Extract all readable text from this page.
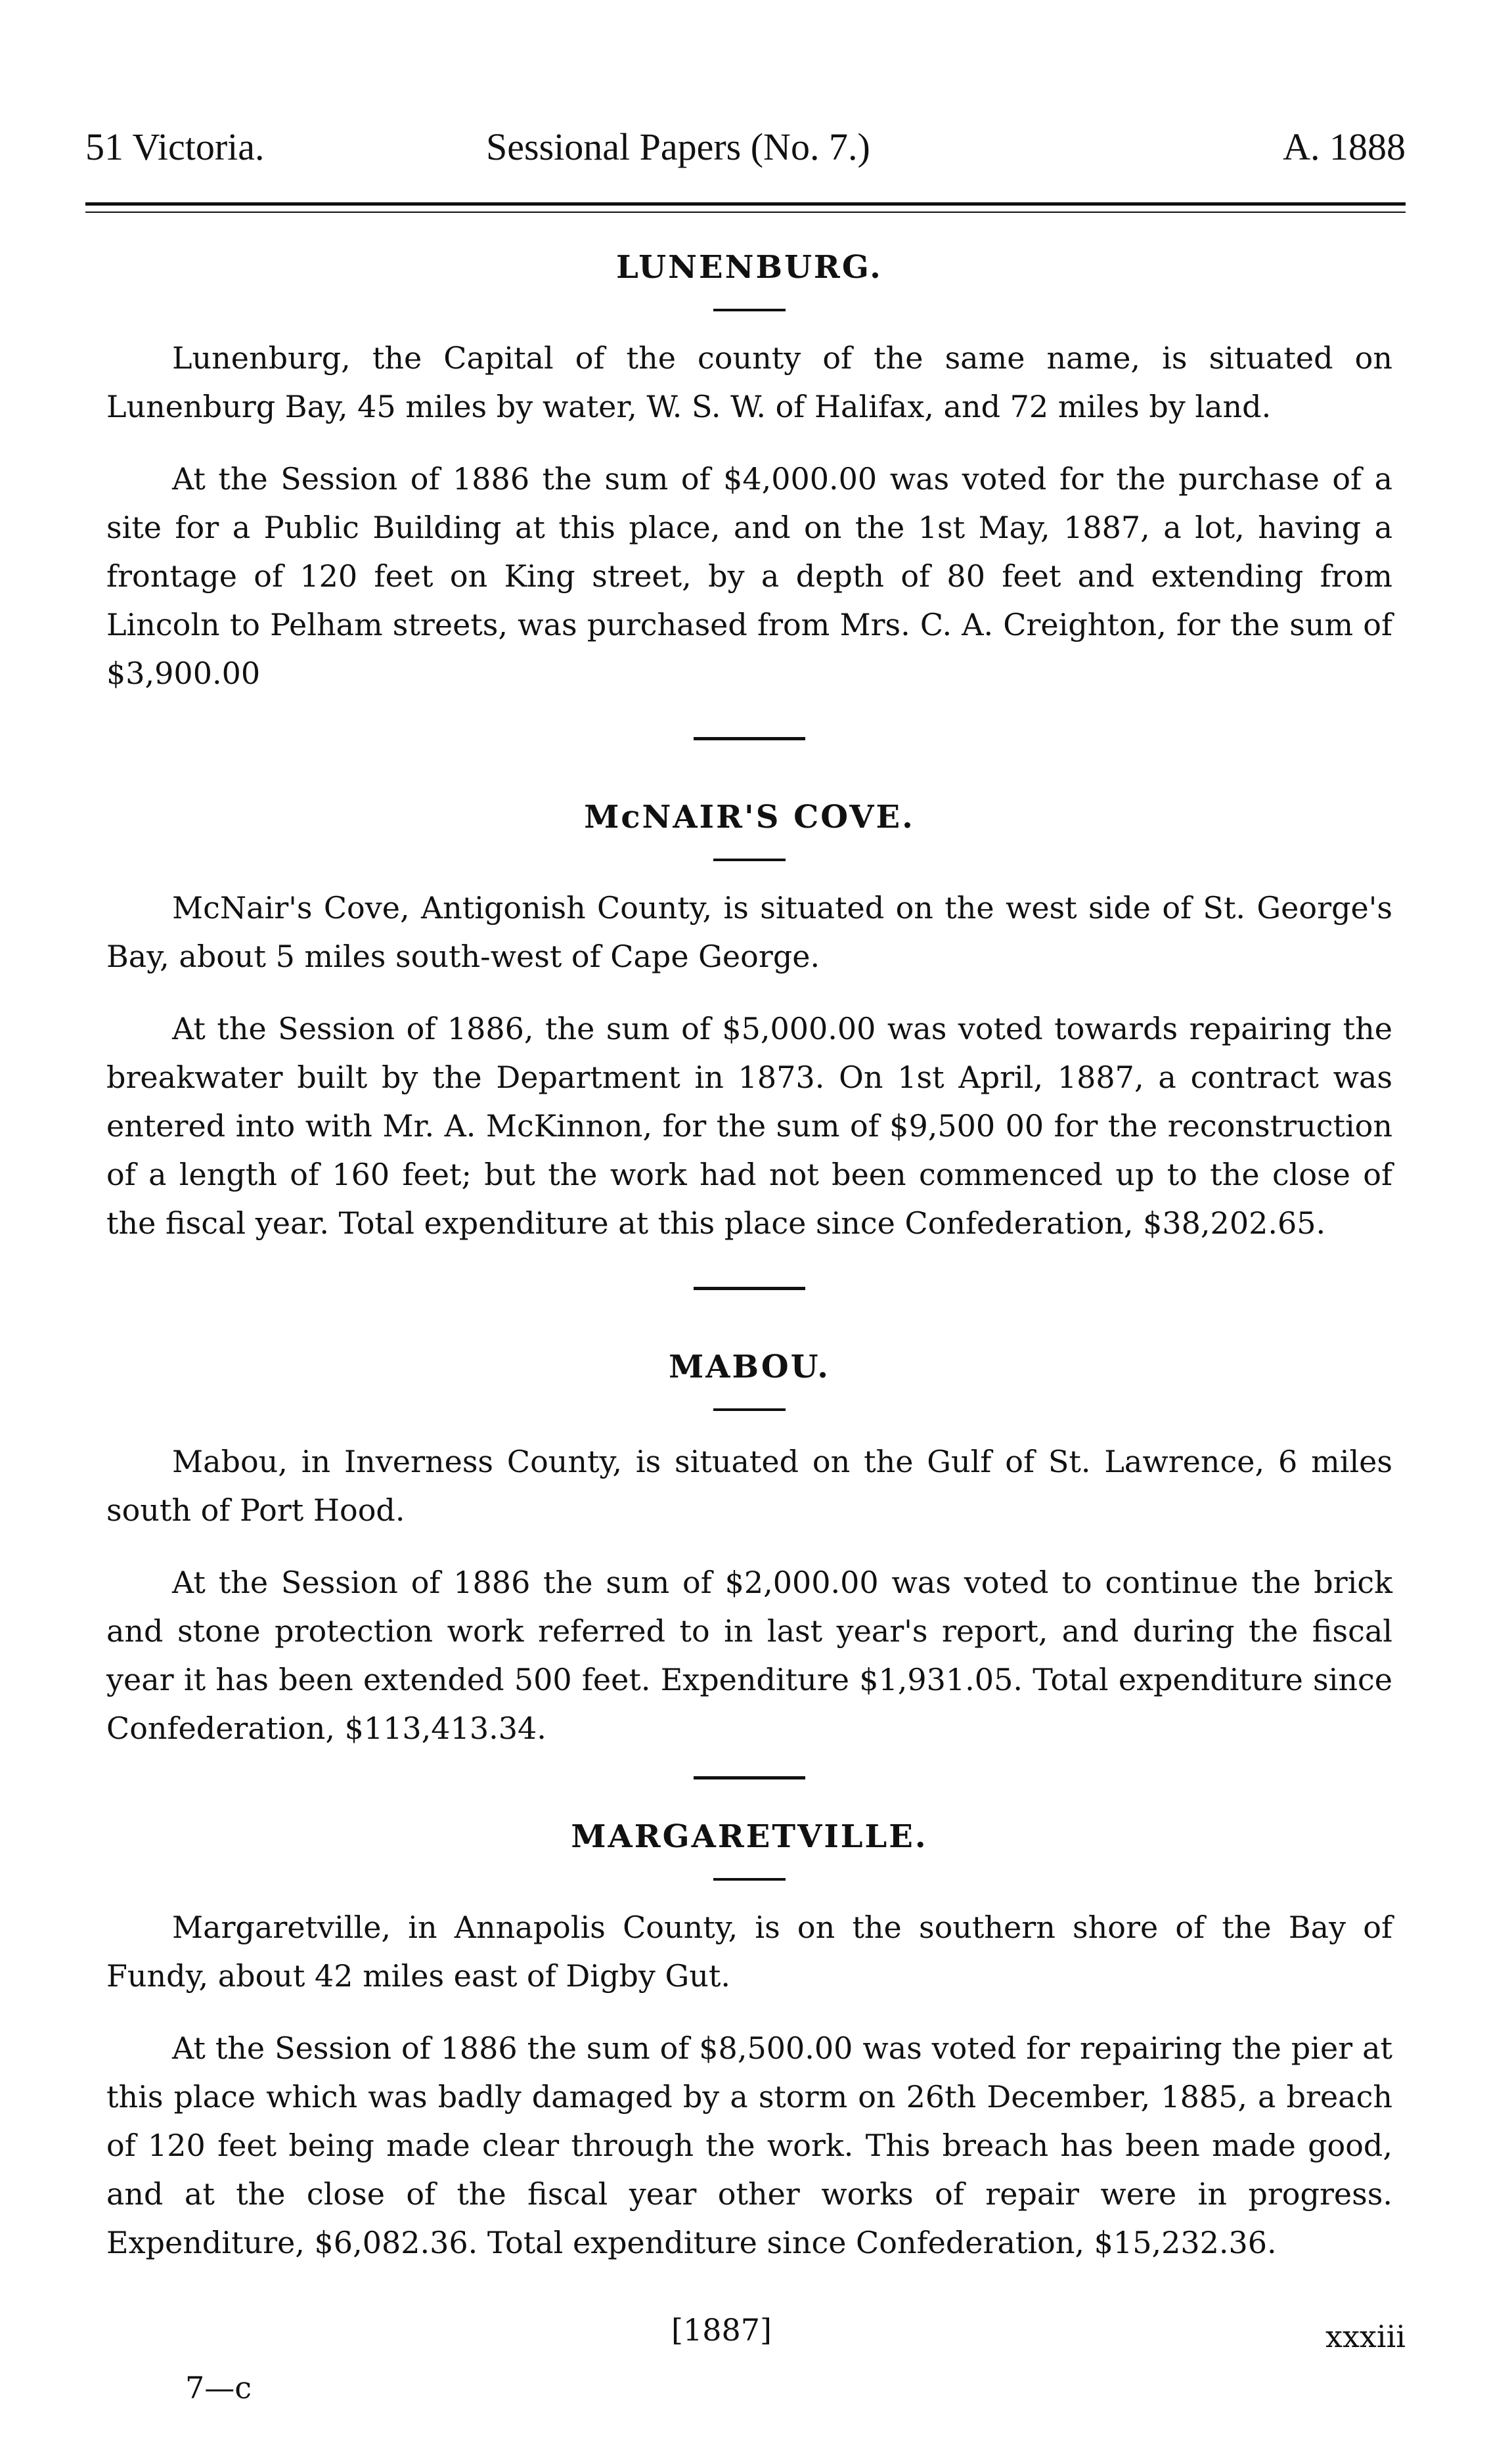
51 Victoria.	Sessional Papers (No. 7.)	A. 1888
LUNENBURG.

Lunenburg, the Capital of the county of the same name, is situated on Lunenburg Bay, 45 miles by water, W. S. W. of Halifax, and 72 miles by land.

At the Session of 1886 the sum of $4,000.00 was voted for the purchase of a site for a Public Building at this place, and on the 1st May, 1887, a lot, having a frontage of 120 feet on King street, by a depth of 80 feet and extending from Lincoln to Pelham streets, was purchased from Mrs. C. A. Creighton, for the sum of $3,900.00

McNAIR'S COVE.

McNair's Cove, Antigonish County, is situated on the west side of St. George's Bay, about 5 miles south-west of Cape George.

At the Session of 1886, the sum of $5,000.00 was voted towards repairing the breakwater built by the Department in 1873. On 1st April, 1887, a contract was entered into with Mr. A. McKinnon, for the sum of $9,500 00 for the reconstruction of a length of 160 feet; but the work had not been commenced up to the close of the fiscal year. Total expenditure at this place since Confederation, $38,202.65.

MABOU.

Mabou, in Inverness County, is situated on the Gulf of St. Lawrence, 6 miles south of Port Hood.

At the Session of 1886 the sum of $2,000.00 was voted to continue the brick and stone protection work referred to in last year's report, and during the fiscal year it has been extended 500 feet. Expenditure $1,931.05. Total expenditure since Confederation, $113,413.34.

MARGARETVILLE.

Margaretville, in Annapolis County, is on the southern shore of the Bay of Fundy, about 42 miles east of Digby Gut.

At the Session of 1886 the sum of $8,500.00 was voted for repairing the pier at this place which was badly damaged by a storm on 26th December, 1885, a breach of 120 feet being made clear through the work. This breach has been made good, and at the close of the fiscal year other works of repair were in progress. Expenditure, $6,082.36. Total expenditure since Confederation, $15,232.36.

[1887]	xxxiii
7—c
